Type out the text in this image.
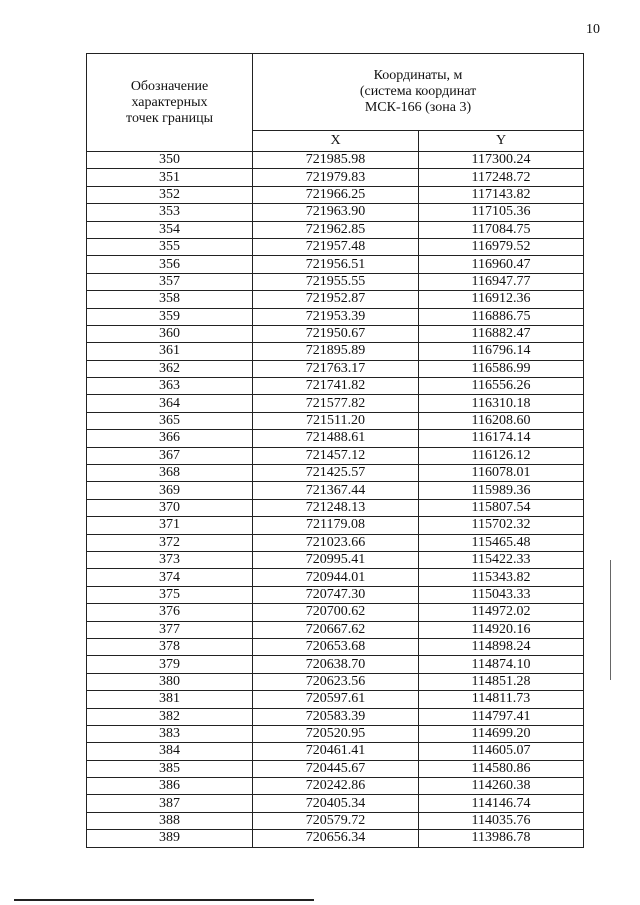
10
Обозначение
характерных
точек границы	Координаты, м
(система координат
МСК-166 (зона 3)	
	X	Y
350	721985.98	117300.24
351	721979.83	117248.72
352	721966.25	117143.82
353	721963.90	117105.36
354	721962.85	117084.75
355	721957.48	116979.52
356	721956.51	116960.47
357	721955.55	116947.77
358	721952.87	116912.36
359	721953.39	116886.75
360	721950.67	116882.47
361	721895.89	116796.14
362	721763.17	116586.99
363	721741.82	116556.26
364	721577.82	116310.18
365	721511.20	116208.60
366	721488.61	116174.14
367	721457.12	116126.12
368	721425.57	116078.01
369	721367.44	115989.36
370	721248.13	115807.54
371	721179.08	115702.32
372	721023.66	115465.48
373	720995.41	115422.33
374	720944.01	115343.82
375	720747.30	115043.33
376	720700.62	114972.02
377	720667.62	114920.16
378	720653.68	114898.24
379	720638.70	114874.10
380	720623.56	114851.28
381	720597.61	114811.73
382	720583.39	114797.41
383	720520.95	114699.20
384	720461.41	114605.07
385	720445.67	114580.86
386	720242.86	114260.38
387	720405.34	114146.74
388	720579.72	114035.76
389	720656.34	113986.78
